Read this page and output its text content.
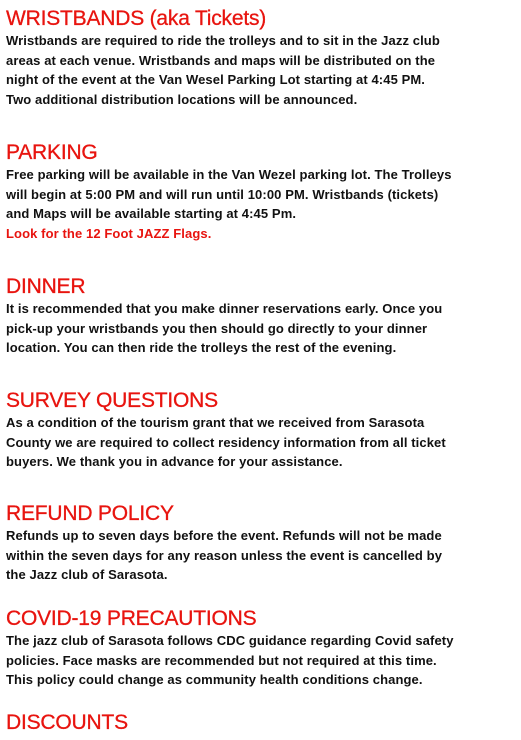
WRISTBANDS (aka Tickets)
Wristbands are required to ride the trolleys and to sit in the Jazz club
areas at each venue. Wristbands and maps will be distributed on the
night of the event at the Van Wesel Parking Lot starting at 4:45 PM.
Two additional distribution locations will be announced.
PARKING
Free parking will be available in the Van Wezel parking lot. The Trolleys
will begin at 5:00 PM and will run until 10:00 PM. Wristbands (tickets)
and Maps will be available starting at 4:45 Pm.
Look for the 12 Foot JAZZ Flags.
DINNER
It is recommended that you make dinner reservations early. Once you
pick-up your wristbands you then should go directly to your dinner
location. You can then ride the trolleys the rest of the evening.
SURVEY QUESTIONS
As a condition of the tourism grant that we received from Sarasota
County we are required to collect residency information from all ticket
buyers. We thank you in advance for your assistance.
REFUND POLICY
Refunds up to seven days before the event. Refunds will not be made
within the seven days for any reason unless the event is cancelled by
the Jazz club of Sarasota.
COVID-19 PRECAUTIONS
The jazz club of Sarasota follows CDC guidance regarding Covid safety
policies. Face masks are recommended but not required at this time.
This policy could change as community health conditions change.
DISCOUNTS
